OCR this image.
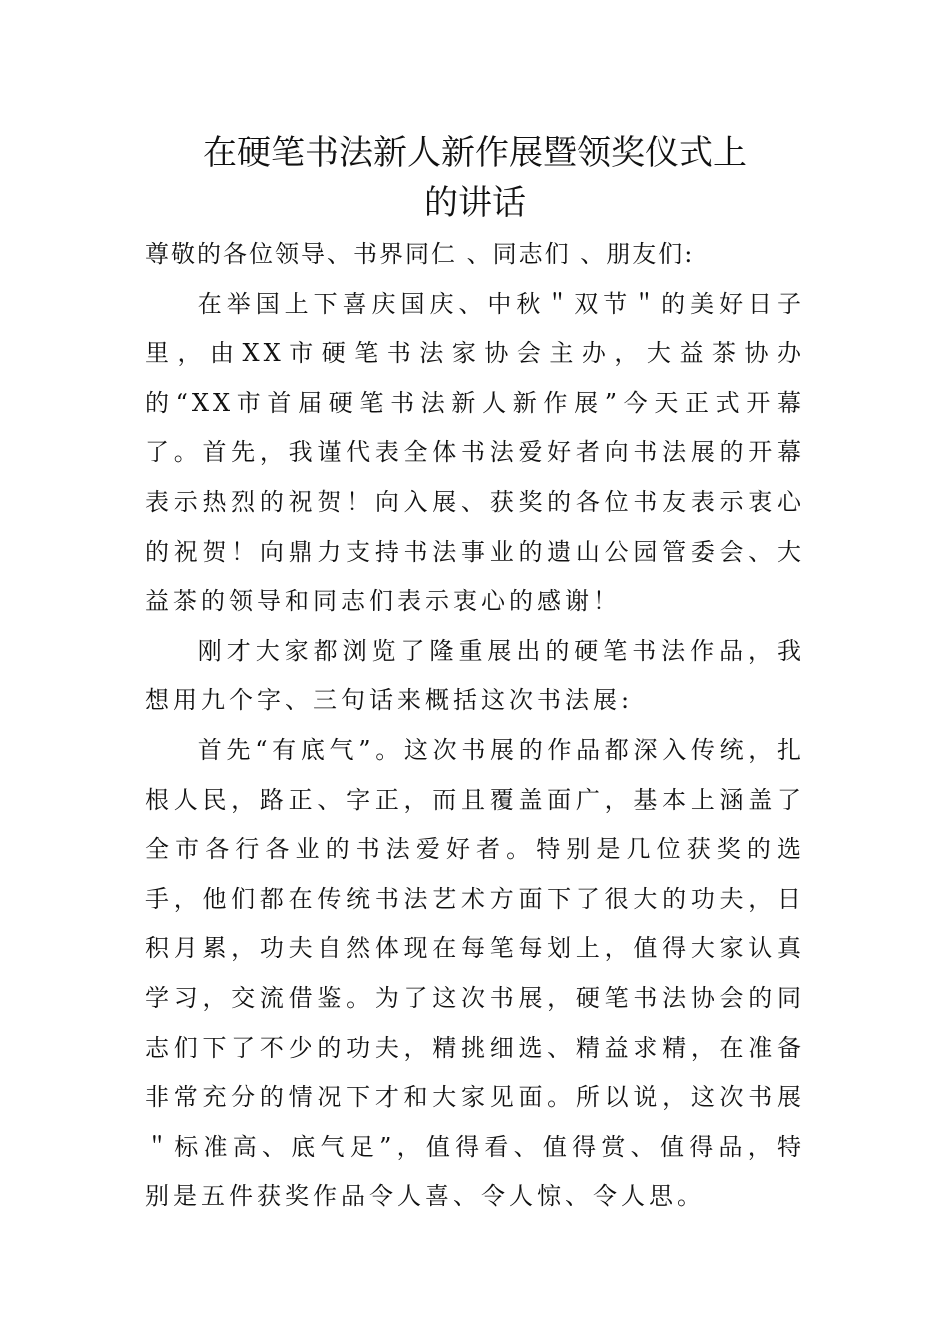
在硬笔书法新人新作展暨领奖仪式上
的讲话

尊敬的各位领导、书界同仁 、同志们 、朋友们:

在举国上下喜庆国庆、中秋＂双节＂的美好日子里，由XX市硬笔书法家协会主办，大益茶协办的“XX市首届硬笔书法新人新作展”今天正式开幕了。首先，我谨代表全体书法爱好者向书法展的开幕表示热烈的祝贺！向入展、获奖的各位书友表示衷心的祝贺！向鼎力支持书法事业的遗山公园管委会、大益茶的领导和同志们表示衷心的感谢！

刚才大家都浏览了隆重展出的硬笔书法作品，我想用九个字、三句话来概括这次书法展:

首先“有底气”。这次书展的作品都深入传统，扎根人民，路正、字正，而且覆盖面广，基本上涵盖了全市各行各业的书法爱好者。特别是几位获奖的选手，他们都在传统书法艺术方面下了很大的功夫，日积月累，功夫自然体现在每笔每划上，值得大家认真学习，交流借鉴。为了这次书展，硬笔书法协会的同志们下了不少的功夫，精挑细选、精益求精，在准备非常充分的情况下才和大家见面。所以说，这次书展＂标准高、底气足”，值得看、值得赏、值得品，特别是五件获奖作品令人喜、令人惊、令人思。
